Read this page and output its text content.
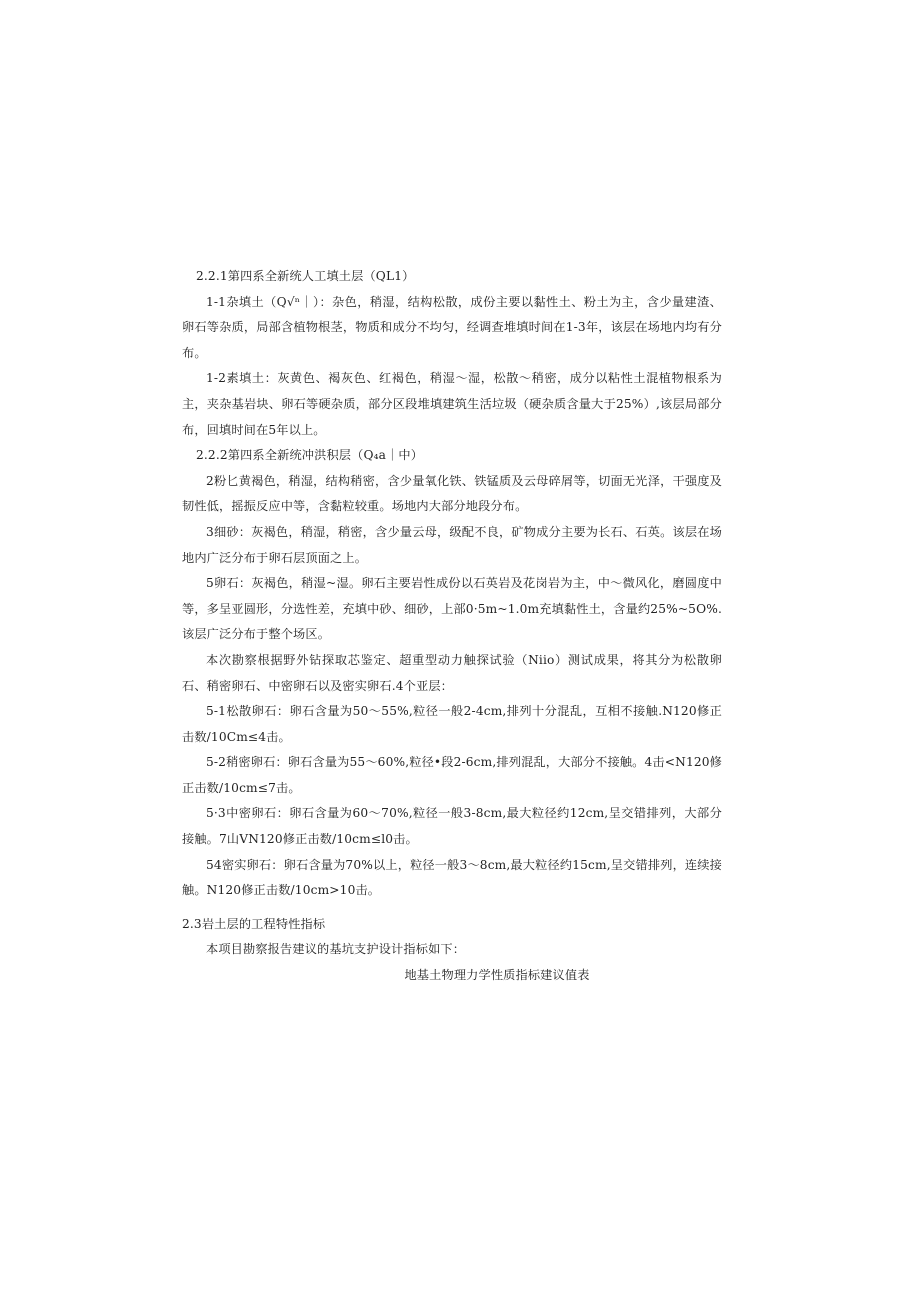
2.2.1第四系全新统人工填土层（QL1）

1-1杂填土（Q√ⁿ｜）：杂色，稍湿，结构松散，成份主要以黏性土、粉土为主，含少量建渣、卵石等杂质，局部含植物根茎，物质和成分不均匀，经调查堆填时间在1-3年，该层在场地内均有分布。

1-2素填土：灰黄色、褐灰色、红褐色，稍湿～湿，松散～稍密，成分以粘性土混植物根系为主，夹杂基岩块、卵石等硬杂质，部分区段堆填建筑生活垃圾（硬杂质含量大于25%）,该层局部分布，回填时间在5年以上。

2.2.2第四系全新统冲洪积层（Q₄a｜中）

2粉匕黄褐色，稍湿，结构稍密，含少量氧化铁、铁锰质及云母碎屑等，切面无光泽，干强度及韧性低，摇振反应中等，含黏粒较重。场地内大部分地段分布。

3细砂：灰褐色，稍湿，稍密，含少量云母，级配不良，矿物成分主要为长石、石英。该层在场地内广泛分布于卵石层顶面之上。

5卵石：灰褐色，稍湿~湿。卵石主要岩性成份以石英岩及花岗岩为主，中～微风化，磨圆度中等，多呈亚圆形，分选性差，充填中砂、细砂，上部0·5m~1.0m充填黏性土，含量约25%~5O%.该层广泛分布于整个场区。

本次勘察根据野外钻探取芯鉴定、超重型动力触探试验（Niio）测试成果，将其分为松散卵石、稍密卵石、中密卵石以及密实卵石.4个亚层：

5-1松散卵石：卵石含量为50～55%,粒径一般2-4cm,排列十分混乱，互相不接触.N120修正击数/10Cm≤4击。

5-2稍密卵石：卵石含量为55～60%,粒径•段2-6cm,排列混乱，大部分不接触。4击<N120修正击数/10cm≤7击。

5·3中密卵石：卵石含量为60～70%,粒径一般3-8cm,最大粒径约12cm,呈交错排列，大部分接触。7山VN120修正击数/10cm≤l0击。

54密实卵石：卵石含量为70%以上，粒径一般3～8cm,最大粒径约15cm,呈交错排列，连续接触。N120修正击数/10cm>10击。

2.3岩土层的工程特性指标

本项目勘察报告建议的基坑支护设计指标如下：

地基土物理力学性质指标建议值表
